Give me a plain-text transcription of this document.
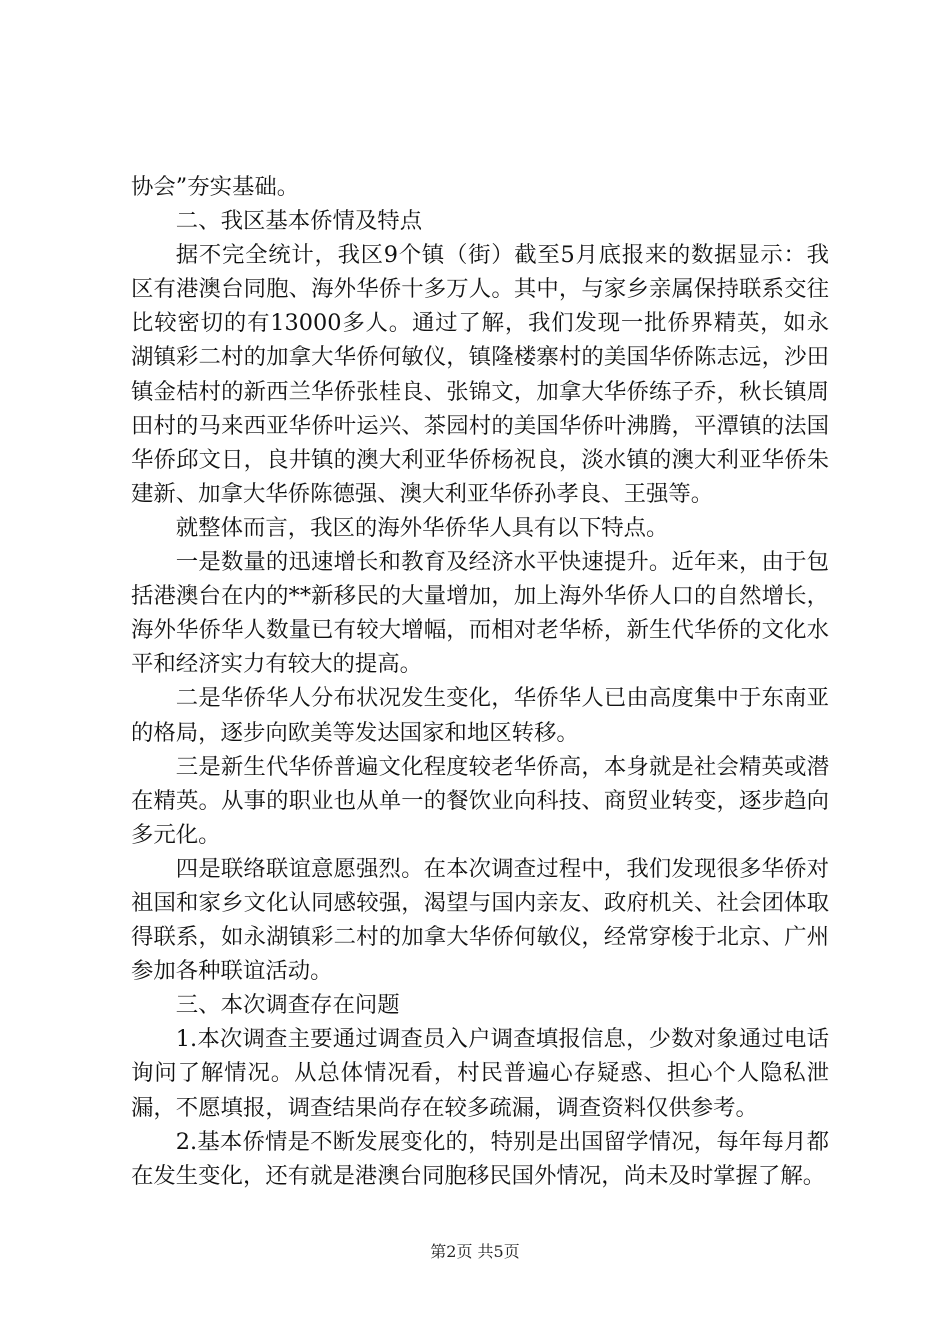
协会”夯实基础。

二、我区基本侨情及特点

据不完全统计，我区9个镇（街）截至5月底报来的数据显示：我区有港澳台同胞、海外华侨十多万人。其中，与家乡亲属保持联系交往比较密切的有13000多人。通过了解，我们发现一批侨界精英，如永湖镇彩二村的加拿大华侨何敏仪，镇隆楼寨村的美国华侨陈志远，沙田镇金桔村的新西兰华侨张桂良、张锦文，加拿大华侨练子乔，秋长镇周田村的马来西亚华侨叶运兴、茶园村的美国华侨叶沸腾，平潭镇的法国华侨邱文日，良井镇的澳大利亚华侨杨祝良，淡水镇的澳大利亚华侨朱建新、加拿大华侨陈德强、澳大利亚华侨孙孝良、王强等。

就整体而言，我区的海外华侨华人具有以下特点。

一是数量的迅速增长和教育及经济水平快速提升。近年来，由于包括港澳台在内的**新移民的大量增加，加上海外华侨人口的自然增长，海外华侨华人数量已有较大增幅，而相对老华桥，新生代华侨的文化水平和经济实力有较大的提高。

二是华侨华人分布状况发生变化，华侨华人已由高度集中于东南亚的格局，逐步向欧美等发达国家和地区转移。

三是新生代华侨普遍文化程度较老华侨高，本身就是社会精英或潜在精英。从事的职业也从单一的餐饮业向科技、商贸业转变，逐步趋向多元化。

四是联络联谊意愿强烈。在本次调查过程中，我们发现很多华侨对祖国和家乡文化认同感较强，渴望与国内亲友、政府机关、社会团体取得联系，如永湖镇彩二村的加拿大华侨何敏仪，经常穿梭于北京、广州参加各种联谊活动。

三、本次调查存在问题

1.本次调查主要通过调查员入户调查填报信息，少数对象通过电话询问了解情况。从总体情况看，村民普遍心存疑惑、担心个人隐私泄漏，不愿填报，调查结果尚存在较多疏漏，调查资料仅供参考。

2.基本侨情是不断发展变化的，特别是出国留学情况，每年每月都在发生变化，还有就是港澳台同胞移民国外情况，尚未及时掌握了解。

第2页 共5页
